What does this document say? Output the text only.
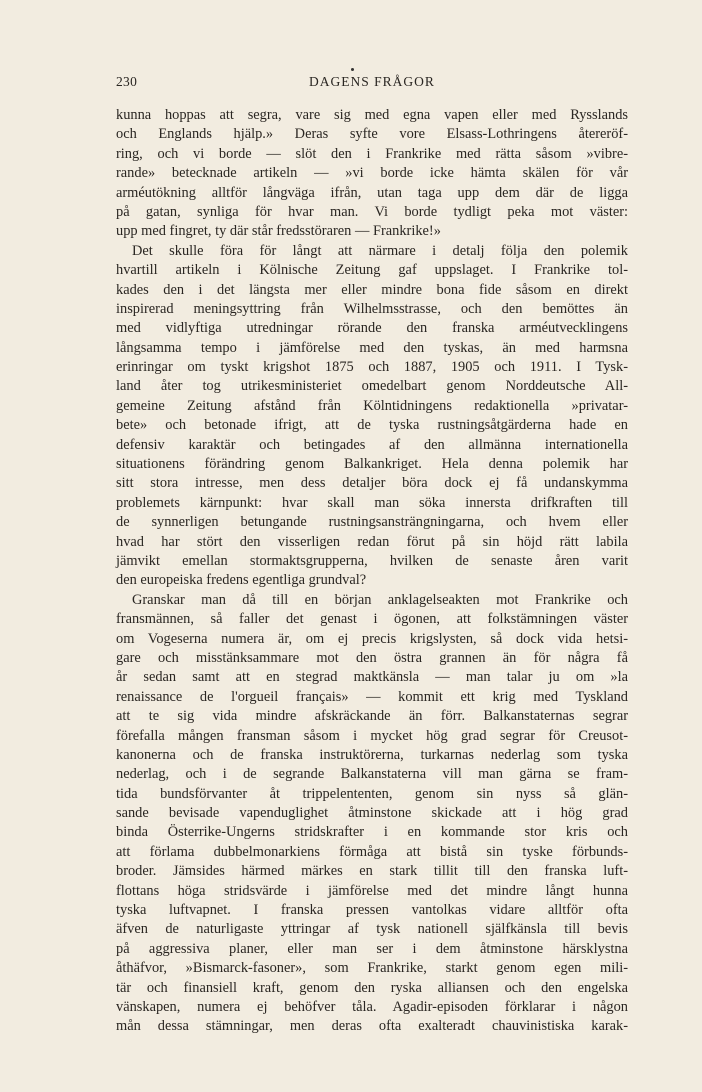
230	DAGENS FRÅGOR
kunna hoppas att segra, vare sig med egna vapen eller med Rysslands
och Englands hjälp.» Deras syfte vore Elsass-Lothringens återeröf-
ring, och vi borde — slöt den i Frankrike med rätta såsom »vibre-
rande» betecknade artikeln — »vi borde icke hämta skälen för vår
arméutökning alltför långväga ifrån, utan taga upp dem där de ligga
på gatan, synliga för hvar man. Vi borde tydligt peka mot väster:
upp med fingret, ty där står fredsstöraren — Frankrike!»
Det skulle föra för långt att närmare i detalj följa den polemik
hvartill artikeln i Kölnische Zeitung gaf uppslaget. I Frankrike tol-
kades den i det längsta mer eller mindre bona fide såsom en direkt
inspirerad meningsyttring från Wilhelmsstrasse, och den bemöttes än
med vidlyftiga utredningar rörande den franska arméutvecklingens
långsamma tempo i jämförelse med den tyskas, än med harmsna
erinringar om tyskt krigshot 1875 och 1887, 1905 och 1911. I Tysk-
land åter tog utrikesministeriet omedelbart genom Norddeutsche All-
gemeine Zeitung afstånd från Kölntidningens redaktionella »privatar-
bete» och betonade ifrigt, att de tyska rustningsåtgärderna hade en
defensiv karaktär och betingades af den allmänna internationella
situationens förändring genom Balkankriget. Hela denna polemik har
sitt stora intresse, men dess detaljer böra dock ej få undanskymma
problemets kärnpunkt: hvar skall man söka innersta drifkraften till
de synnerligen betungande rustningsansträngningarna, och hvem eller
hvad har stört den visserligen redan förut på sin höjd rätt labila
jämvikt emellan stormaktsgrupperna, hvilken de senaste åren varit
den europeiska fredens egentliga grundval?
Granskar man då till en början anklagelseakten mot Frankrike och
fransmännen, så faller det genast i ögonen, att folkstämningen väster
om Vogeserna numera är, om ej precis krigslysten, så dock vida hetsi-
gare och misstänksammare mot den östra grannen än för några få
år sedan samt att en stegrad maktkänsla — man talar ju om »la
renaissance de l'orgueil français» — kommit ett krig med Tyskland
att te sig vida mindre afskräckande än förr. Balkanstaternas segrar
förefalla mången fransman såsom i mycket hög grad segrar för Creusot-
kanonerna och de franska instruktörerna, turkarnas nederlag som tyska
nederlag, och i de segrande Balkanstaterna vill man gärna se fram-
tida bundsförvanter åt trippelententen, genom sin nyss så glän-
sande bevisade vapenduglighet åtminstone skickade att i hög grad
binda Österrike-Ungerns stridskrafter i en kommande stor kris och
att förlama dubbelmonarkiens förmåga att bistå sin tyske förbunds-
broder. Jämsides härmed märkes en stark tillit till den franska luft-
flottans höga stridsvärde i jämförelse med det mindre långt hunna
tyska luftvapnet. I franska pressen vantolkas vidare alltför ofta
äfven de naturligaste yttringar af tysk nationell själfkänsla till bevis
på aggressiva planer, eller man ser i dem åtminstone härsklystna
åthäfvor, »Bismarck-fasoner», som Frankrike, starkt genom egen mili-
tär och finansiell kraft, genom den ryska alliansen och den engelska
vänskapen, numera ej behöfver tåla. Agadir-episoden förklarar i någon
mån dessa stämningar, men deras ofta exalteradt chauvinistiska karak-
